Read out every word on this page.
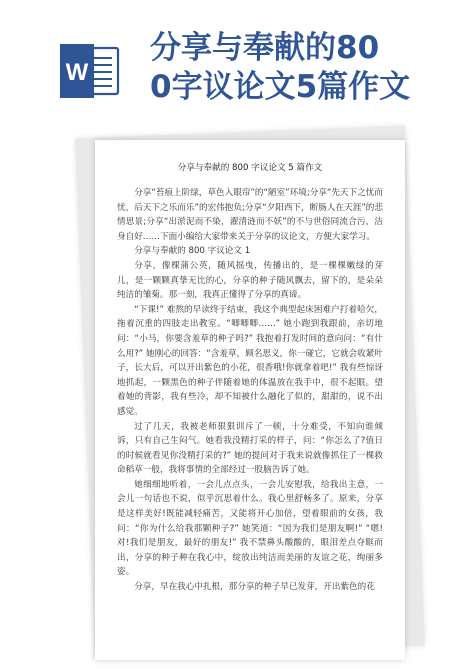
W
分享与奉献的80
0字议论文5篇作文
分享与奉献的 800 字议论文 5 篇作文

分享“苔痕上阶绿，草色入眼帘”的“陋室”环境;分享“先天下之忧而忧，后天下之乐而乐”的宏伟抱负;分享“夕阳西下，断肠人在天涯”的悲情思景;分享“出淤泥而不染，濯清涟而不妖”的不与世俗同流合污，洁身自好……下面小编给大家带来关于分享的议论文，方便大家学习。

分享与奉献的 800 字议论文 1

分享，像棵蒲公英，随风摇曳，传播出的，是一棵棵嫩绿的芽儿，是一颗颗真挚无比的心，分享的种子随风飘去，留下的，是朵朵纯洁的雏菊。那一刻，我真正懂得了分享的真谛。

“下课!” 难熬的早读终于结束，我这个典型起床困难户打着哈欠，拖着沉重的四肢走出教室。“唧唧唧……” 她小跑到我跟前，亲切地问：“小马，你要含羞草的种子吗?” 我抱着打发时间的意向问：“有什么用?” 她刚心的回答：“含羞草，顾名思义，你一碰它，它就会收紧叶子，长大后，可以开出紫色的小花，很香哦!你就拿着吧!” 我有些惊讶地抓起，一颗黑色的种子伴随着她的体温放在我手中，很不起眼。望着她的背影，我有些冷，却不知被什么融化了似的，甜甜的，说不出感觉。

过了几天，我被老师狠狠训斥了一顿，十分难受，不知向谁倾诉，只有自己生闷气。她看我没精打采的样子，问：“你怎么了?值日的时候就看见你没精打采的?” 她的提问对于我来说就像抓住了一棵救命稻草一般，我将事情的全部经过一股脑告诉了她。

她细细地听着，一会儿点点头，一会儿安慰我，给我出主意，一会儿一句话也不说，似乎沉思着什么。我心里舒畅多了。原来，分享是这样美好!既能减轻痛苦，又能将开心加倍，望着眼前的女孩，我问：“你为什么给我那颗种子?” 她笑道：“因为我们是朋友啊!” “嗯!对!我们是朋友，最好的朋友!” 我不禁鼻头酸酸的，眼泪差点夺眶而出，分享的种子种在我心中，绽放出纯洁而美丽的友谊之花，绚丽多姿。

分享，早在我心中扎根，那分享的种子早已发芽，开出紫色的花
